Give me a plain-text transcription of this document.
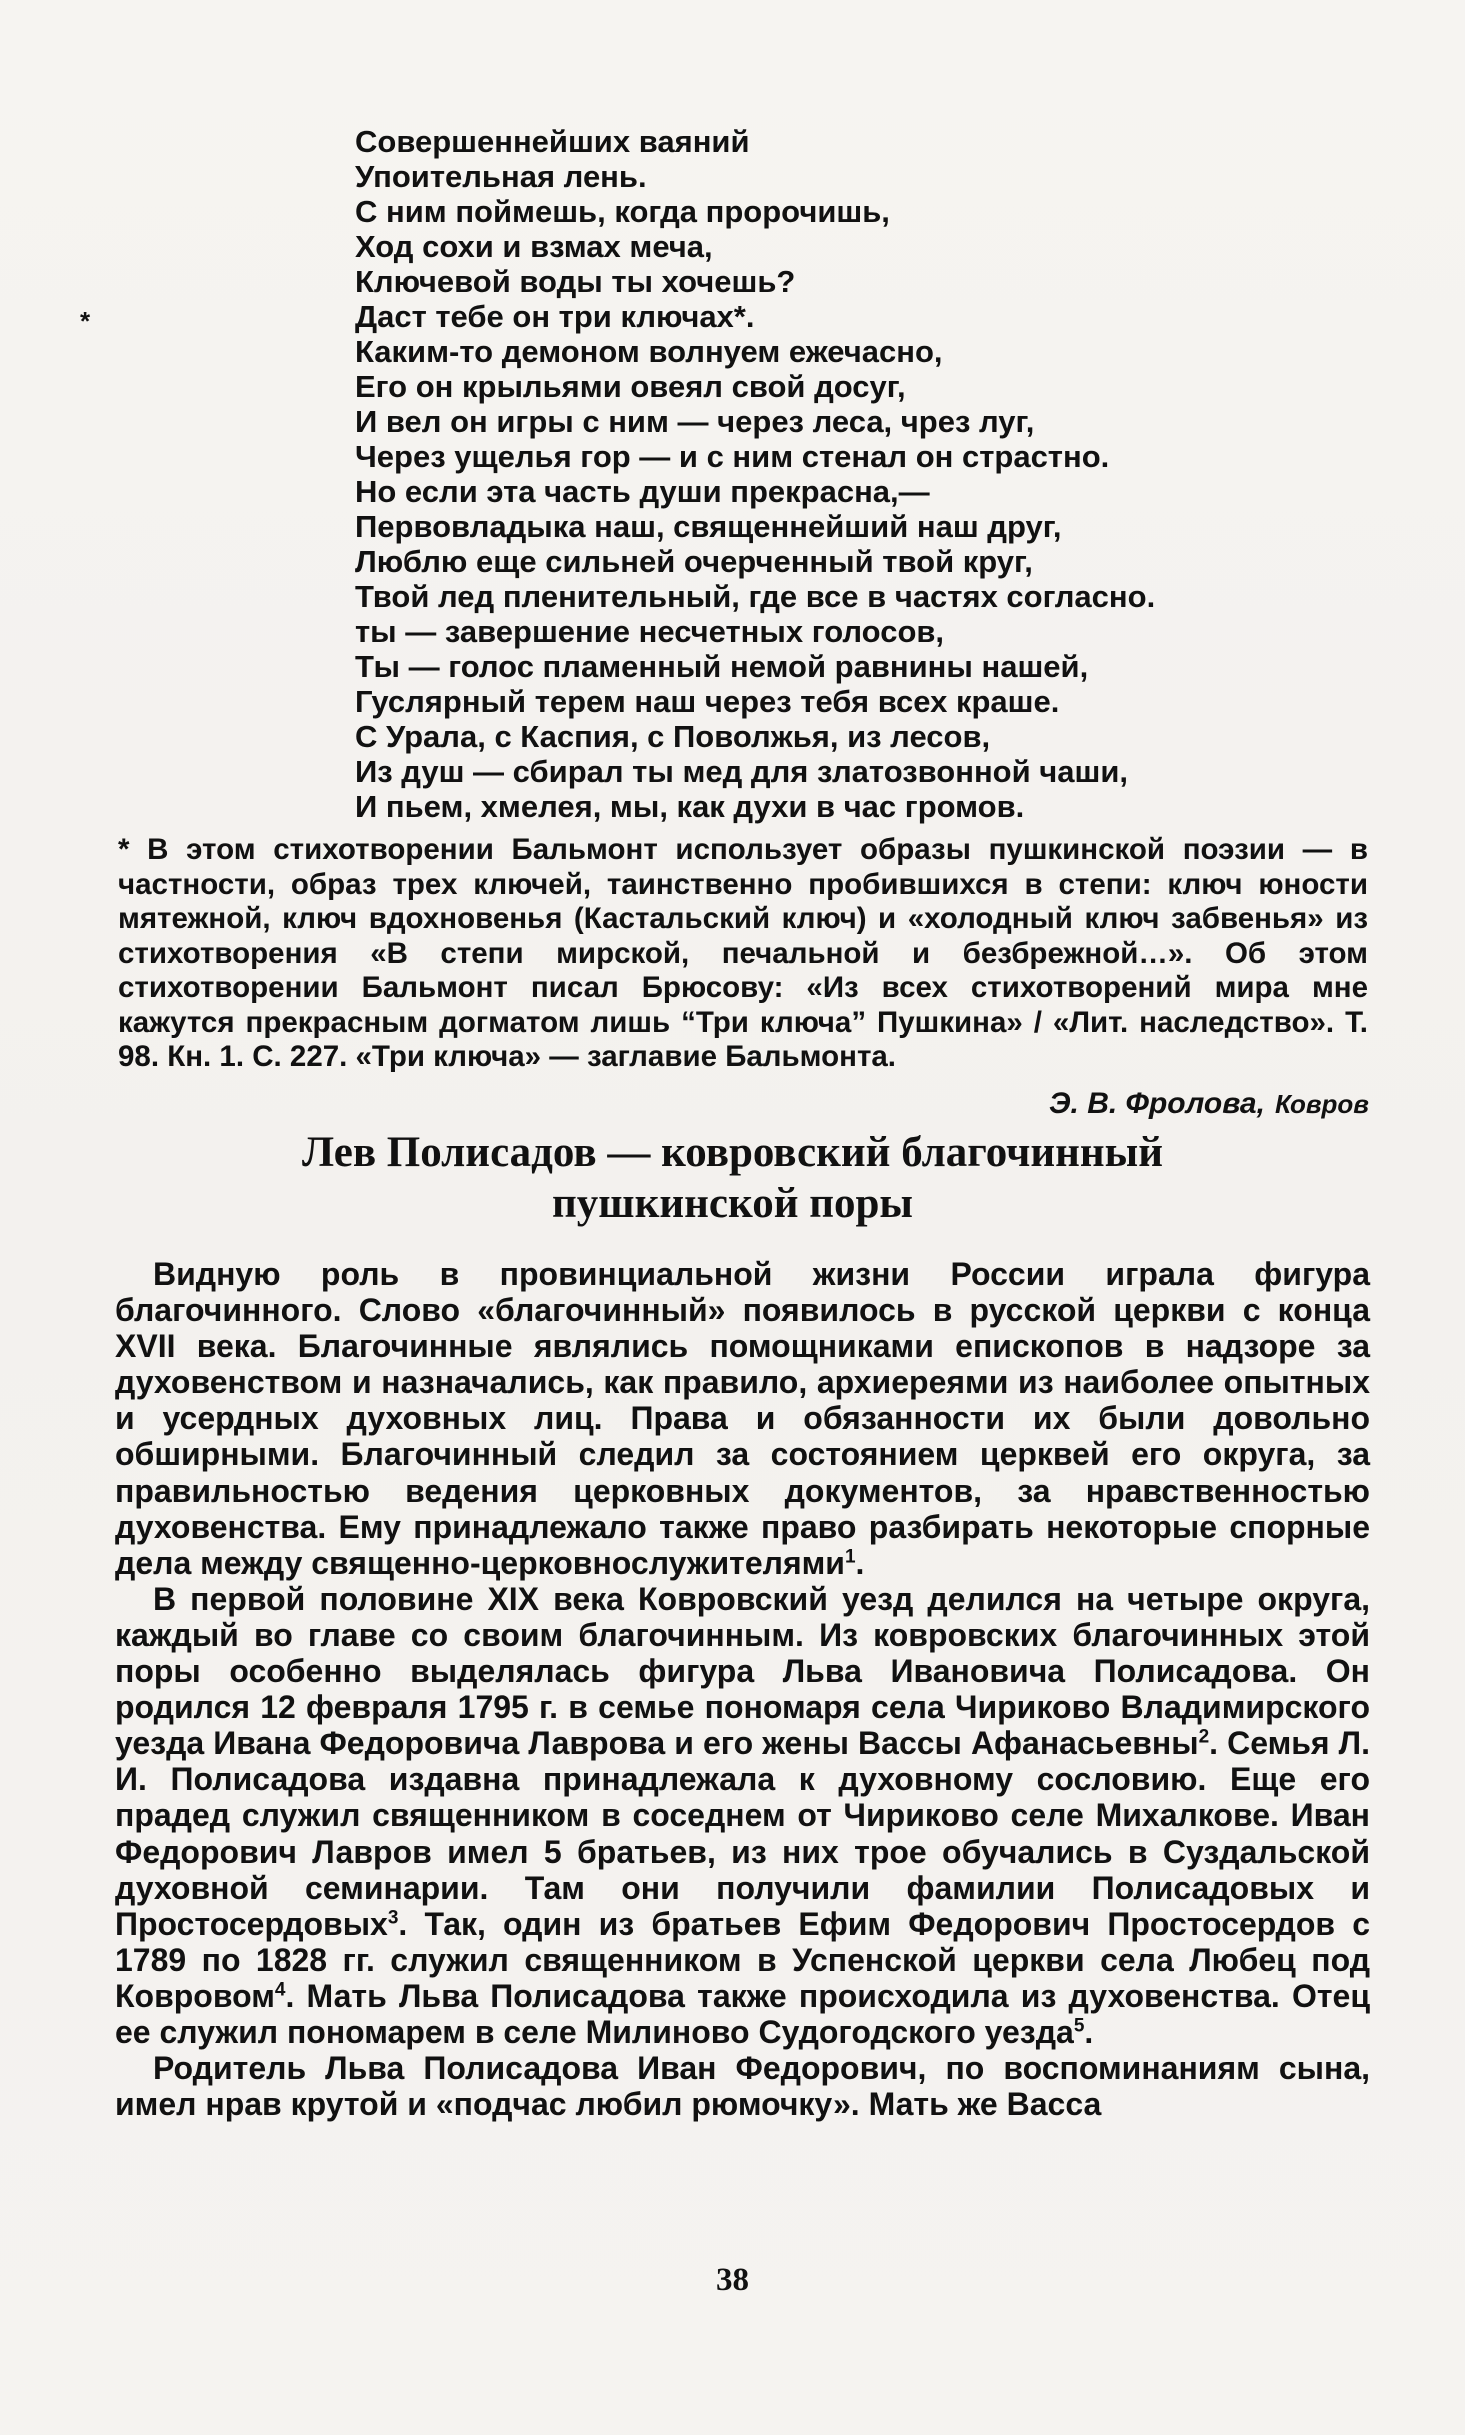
*
Совершеннейших ваяний
Упоительная лень.
С ним поймешь, когда пророчишь,
Ход сохи и взмах меча,
Ключевой воды ты хочешь?
Даст тебе он три ключах*.
Каким-то демоном волнуем ежечасно,
Его он крыльями овеял свой досуг,
И вел он игры с ним — через леса, чрез луг,
Через ущелья гор — и с ним стенал он страстно.
Но если эта часть души прекрасна,—
Первовладыка наш, священнейший наш друг,
Люблю еще сильней очерченный твой круг,
Твой лед пленительный, где все в частях согласно.
ты — завершение несчетных голосов,
Ты — голос пламенный немой равнины нашей,
Гуслярный терем наш через тебя всех краше.
С Урала, с Каспия, с Поволжья, из лесов,
Из душ — сбирал ты мед для златозвонной чаши,
И пьем, хмелея, мы, как духи в час громов.
* В этом стихотворении Бальмонт использует образы пушкинской поэзии — в частности, образ трех ключей, таинственно пробившихся в степи: ключ юности мятежной, ключ вдохновенья (Кастальский ключ) и «холодный ключ забвенья» из стихотворения «В степи мирской, печальной и безбрежной…». Об этом стихотворении Бальмонт писал Брюсову: «Из всех стихотворений мира мне кажутся прекрасным догматом лишь “Три ключа” Пушкина» / «Лит. наследство». Т. 98. Кн. 1. С. 227. «Три ключа» — заглавие Бальмонта.
Э. В. Фролова, Ковров
Лев Полисадов — ковровский благочинный
пушкинской поры

Видную роль в провинциальной жизни России играла фигура благочинного. Слово «благочинный» появилось в русской церкви с конца XVII века. Благочинные являлись помощниками епископов в надзоре за духовенством и назначались, как правило, архиереями из наиболее опытных и усердных духовных лиц. Права и обязанности их были довольно обширными. Благочинный следил за состоянием церквей его округа, за правильностью ведения церковных документов, за нравственностью духовенства. Ему принадлежало также право разбирать некоторые спорные дела между священно-церковнослужителями$^1$.

В первой половине XIX века Ковровский уезд делился на четыре округа, каждый во главе со своим благочинным. Из ковровских благочинных этой поры особенно выделялась фигура Льва Ивановича Полисадова. Он родился 12 февраля 1795 г. в семье пономаря села Чириково Владимирского уезда Ивана Федоровича Лаврова и его жены Вассы Афанасьевны$^2$. Семья Л. И. Полисадова издавна принадлежала к духовному сословию. Еще его прадед служил священником в соседнем от Чириково селе Михалкове. Иван Федорович Лавров имел 5 братьев, из них трое обучались в Суздальской духовной семинарии. Там они получили фамилии Полисадовых и Простосердовых$^3$. Так, один из братьев Ефим Федорович Простосердов с 1789 по 1828 гг. служил священником в Успенской церкви села Любец под Ковровом$^4$. Мать Льва Полисадова также происходила из духовенства. Отец ее служил пономарем в селе Милиново Судогодского уезда$^5$.

Родитель Льва Полисадова Иван Федорович, по воспоминаниям сына, имел нрав крутой и «подчас любил рюмочку». Мать же Васса

38
